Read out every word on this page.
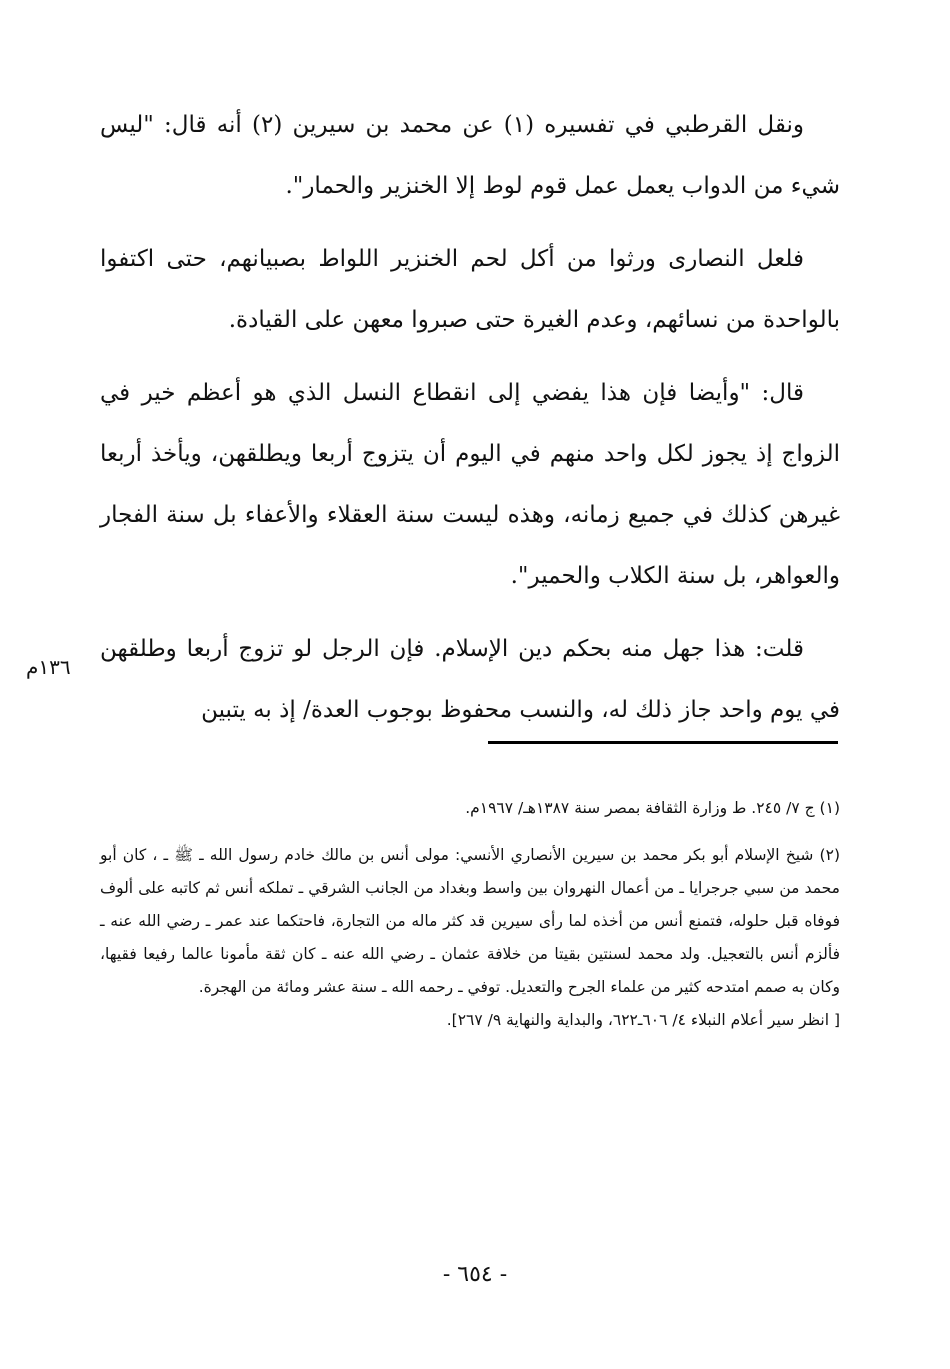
ونقل القرطبي في تفسيره (١) عن محمد بن سيرين (٢) أنه قال: "ليس شيء من الدواب يعمل عمل قوم لوط إلا الخنزير والحمار".

فلعل النصارى ورثوا من أكل لحم الخنزير اللواط بصبيانهم، حتى اكتفوا بالواحدة من نسائهم، وعدم الغيرة حتى صبروا معهن على القيادة.

قال: "وأيضا فإن هذا يفضي إلى انقطاع النسل الذي هو أعظم خير في الزواج إذ يجوز لكل واحد منهم في اليوم أن يتزوج أربعا ويطلقهن، ويأخذ أربعا غيرهن كذلك في جميع زمانه، وهذه ليست سنة العقلاء والأعفاء بل سنة الفجار والعواهر، بل سنة الكلاب والحمير".

قلت: هذا جهل منه بحكم دين الإسلام. فإن الرجل لو تزوج أربعا وطلقهن في يوم واحد جاز ذلك له، والنسب محفوظ بوجوب العدة/ إذ به يتبين

١٣٦م

(١) ج ٧/ ٢٤٥. ط وزارة الثقافة بمصر سنة ١٣٨٧هـ/ ١٩٦٧م.

(٢) شيخ الإسلام أبو بكر محمد بن سيرين الأنصاري الأنسي: مولى أنس بن مالك خادم رسول الله ـ ﷺ ـ ، كان أبو محمد من سبي جرجرايا ـ من أعمال النهروان بين واسط وبغداد من الجانب الشرقي ـ تملكه أنس ثم كاتبه على ألوف فوفاه قبل حلوله، فتمنع أنس من أخذه لما رأى سيرين قد كثر ماله من التجارة، فاحتكما عند عمر ـ رضي الله عنه ـ فألزم أنس بالتعجيل. ولد محمد لسنتين بقيتا من خلافة عثمان ـ رضي الله عنه ـ كان ثقة مأمونا عالما رفيعا فقيها، وكان به صمم امتدحه كثير من علماء الجرح والتعديل. توفي ـ رحمه الله ـ سنة عشر ومائة من الهجرة.

[ انظر سير أعلام النبلاء ٤/ ٦٠٦ـ٦٢٢، والبداية والنهاية ٩/ ٢٦٧].

- ٦٥٤ -
